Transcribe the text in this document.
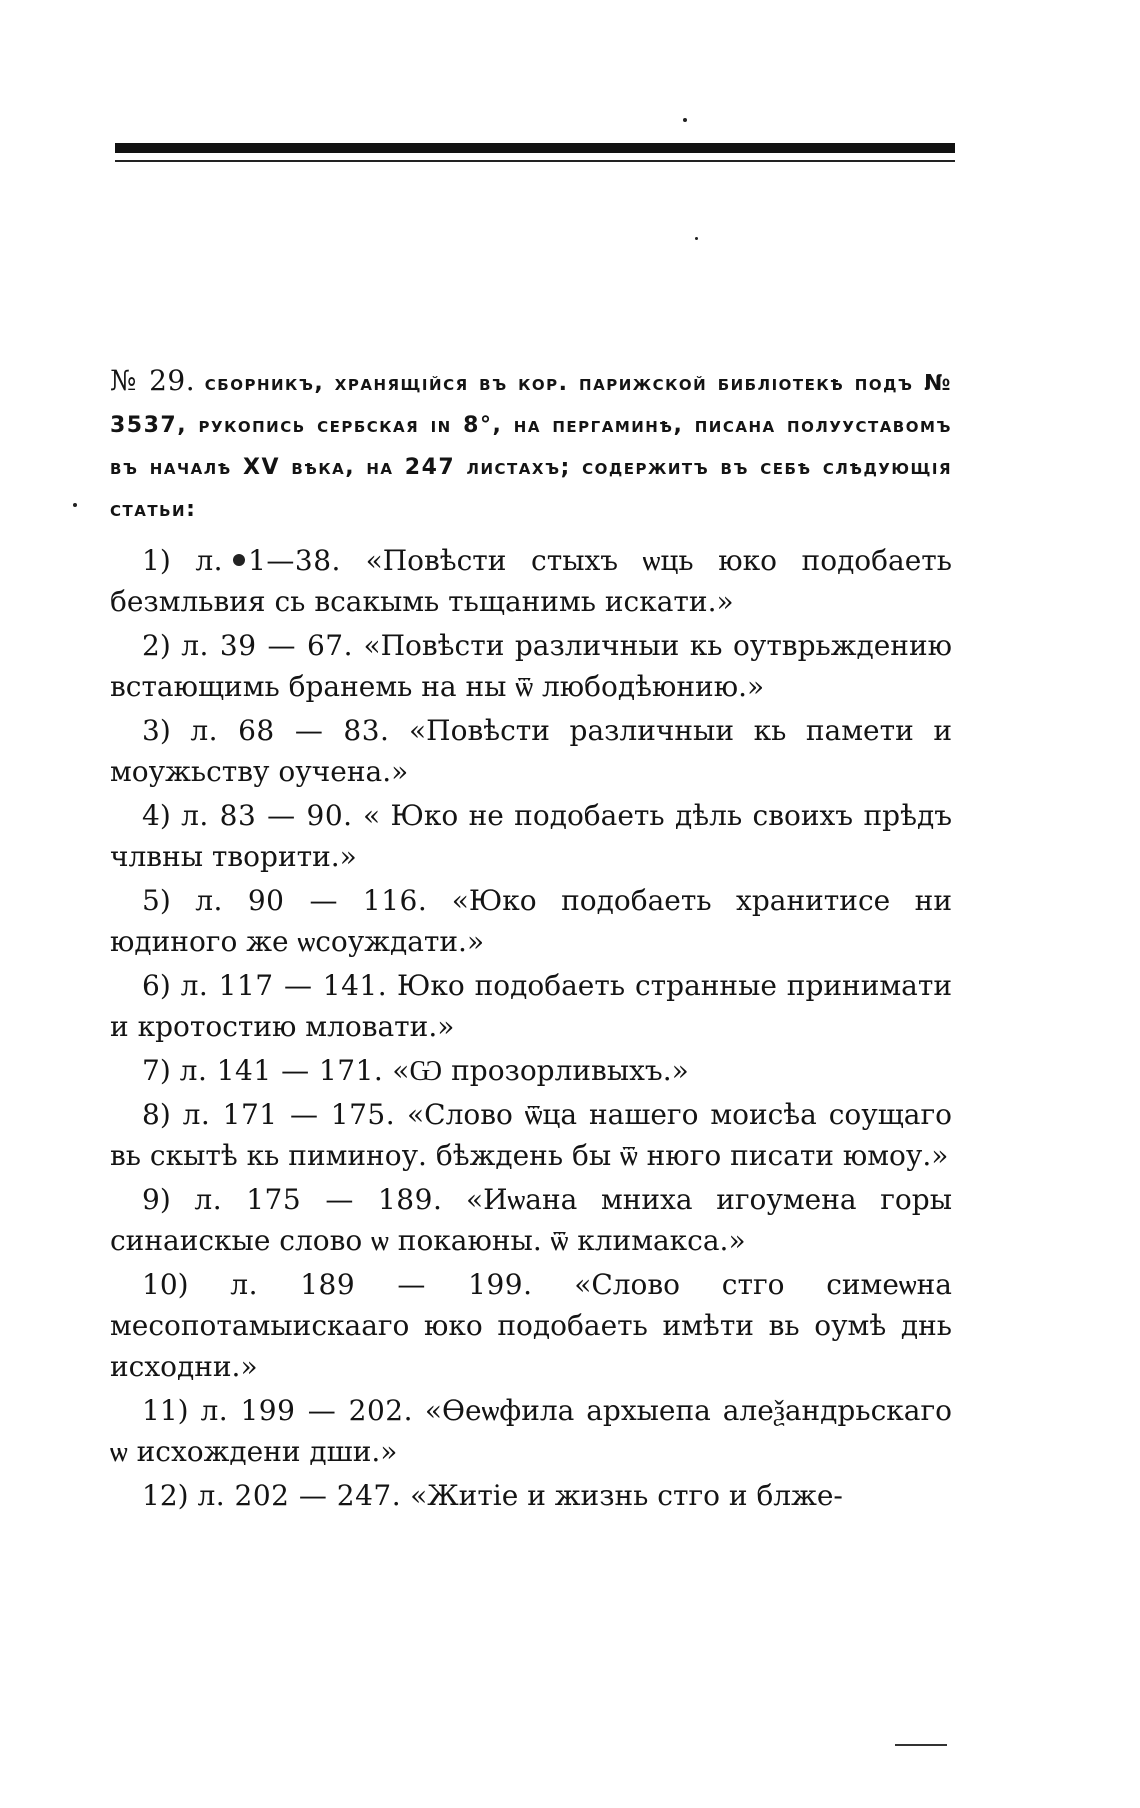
№ 29. сборникъ, хранящійся въ кор. парижской библіотекѣ подъ № 3537, рукопись сербская in 8°, на пергаминѣ, писана полууставомъ въ началѣ XV вѣка, на 247 листахъ; содержитъ въ себѣ слѣдующія статьи:

1) л. 1—38. «Повѣсти стыхъ ѡць юко подобаеть безмльвия сь всакымь тьщанимь искати.»
2) л. 39 — 67. «Повѣсти различныи кь оутврьждению встающимь бранемь на ны ѿ любодѣюнию.»
3) л. 68 — 83. «Повѣсти различныи кь памети и моужьству оучена.»
4) л. 83 — 90. « Юко не подобаеть дѣль своихъ прѣдъ члвны творити.»
5) л. 90 — 116. «Юко подобаеть хранитисе ни юдиного же ѡсоуждати.»
6) л. 117 — 141. Юко подобаеть странные принимати и кротостию мловати.»
7) л. 141 — 171. «Ѡ прозорливыхъ.»
8) л. 171 — 175. «Слово ѿца нашего моисѣа соущаго вь скытѣ кь пиминоу. бѣждень бы ѿ нюго писати юмоу.»
9) л. 175 — 189. «Иѡана мниха игоумена горы синаискые слово ѡ покаюны. ѿ климакса.»
10) л. 189 — 199. «Слово стго симеѡна месопотамыискааго юко подобаеть имѣти вь оумѣ днь исходни.»
11) л. 199 — 202. «Ѳеѡфила архыепа алеѯандрьскаго ѡ исхождени дши.»
12) л. 202 — 247. «Житіе и жизнь стго и блже-
